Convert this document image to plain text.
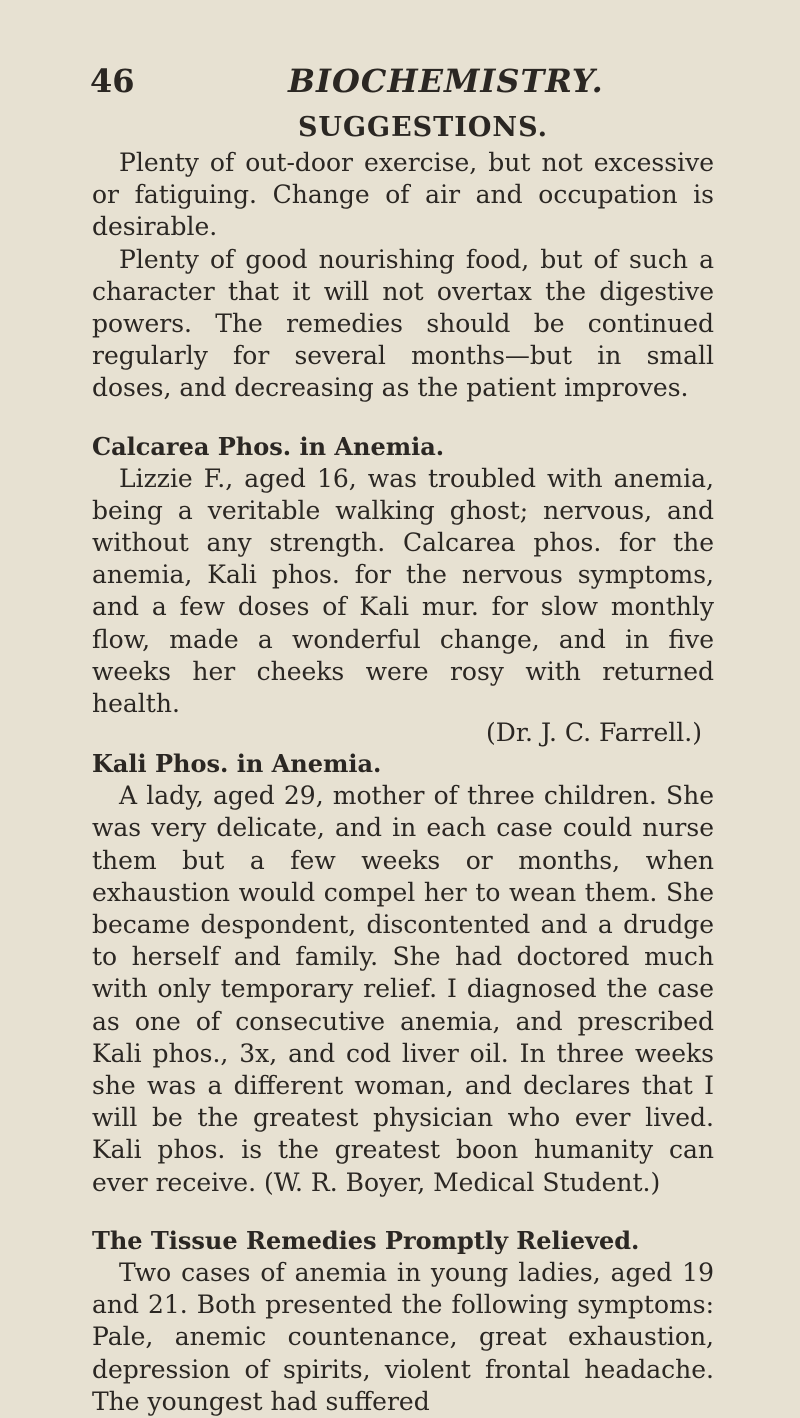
46	BIOCHEMISTRY.
SUGGESTIONS.

Plenty of out-door exercise, but not excessive or fatiguing. Change of air and occupation is desirable.

Plenty of good nourishing food, but of such a character that it will not overtax the digestive powers. The remedies should be continued regularly for several months—but in small doses, and decreasing as the patient improves.

Calcarea Phos. in Anemia.

Lizzie F., aged 16, was troubled with anemia, being a veritable walking ghost; nervous, and without any strength. Calcarea phos. for the anemia, Kali phos. for the nervous symptoms, and a few doses of Kali mur. for slow monthly flow, made a wonderful change, and in five weeks her cheeks were rosy with returned health.

(Dr. J. C. Farrell.)
Kali Phos. in Anemia.

A lady, aged 29, mother of three children. She was very delicate, and in each case could nurse them but a few weeks or months, when exhaustion would compel her to wean them. She became despondent, discontented and a drudge to herself and family. She had doctored much with only temporary relief. I diagnosed the case as one of consecutive anemia, and prescribed Kali phos., 3x, and cod liver oil. In three weeks she was a different woman, and declares that I will be the greatest physician who ever lived. Kali phos. is the greatest boon humanity can ever receive. (W. R. Boyer, Medical Student.)

The Tissue Remedies Promptly Relieved.

Two cases of anemia in young ladies, aged 19 and 21. Both presented the following symptoms: Pale, anemic countenance, great exhaustion, depression of spirits, violent frontal headache. The youngest had suffered
